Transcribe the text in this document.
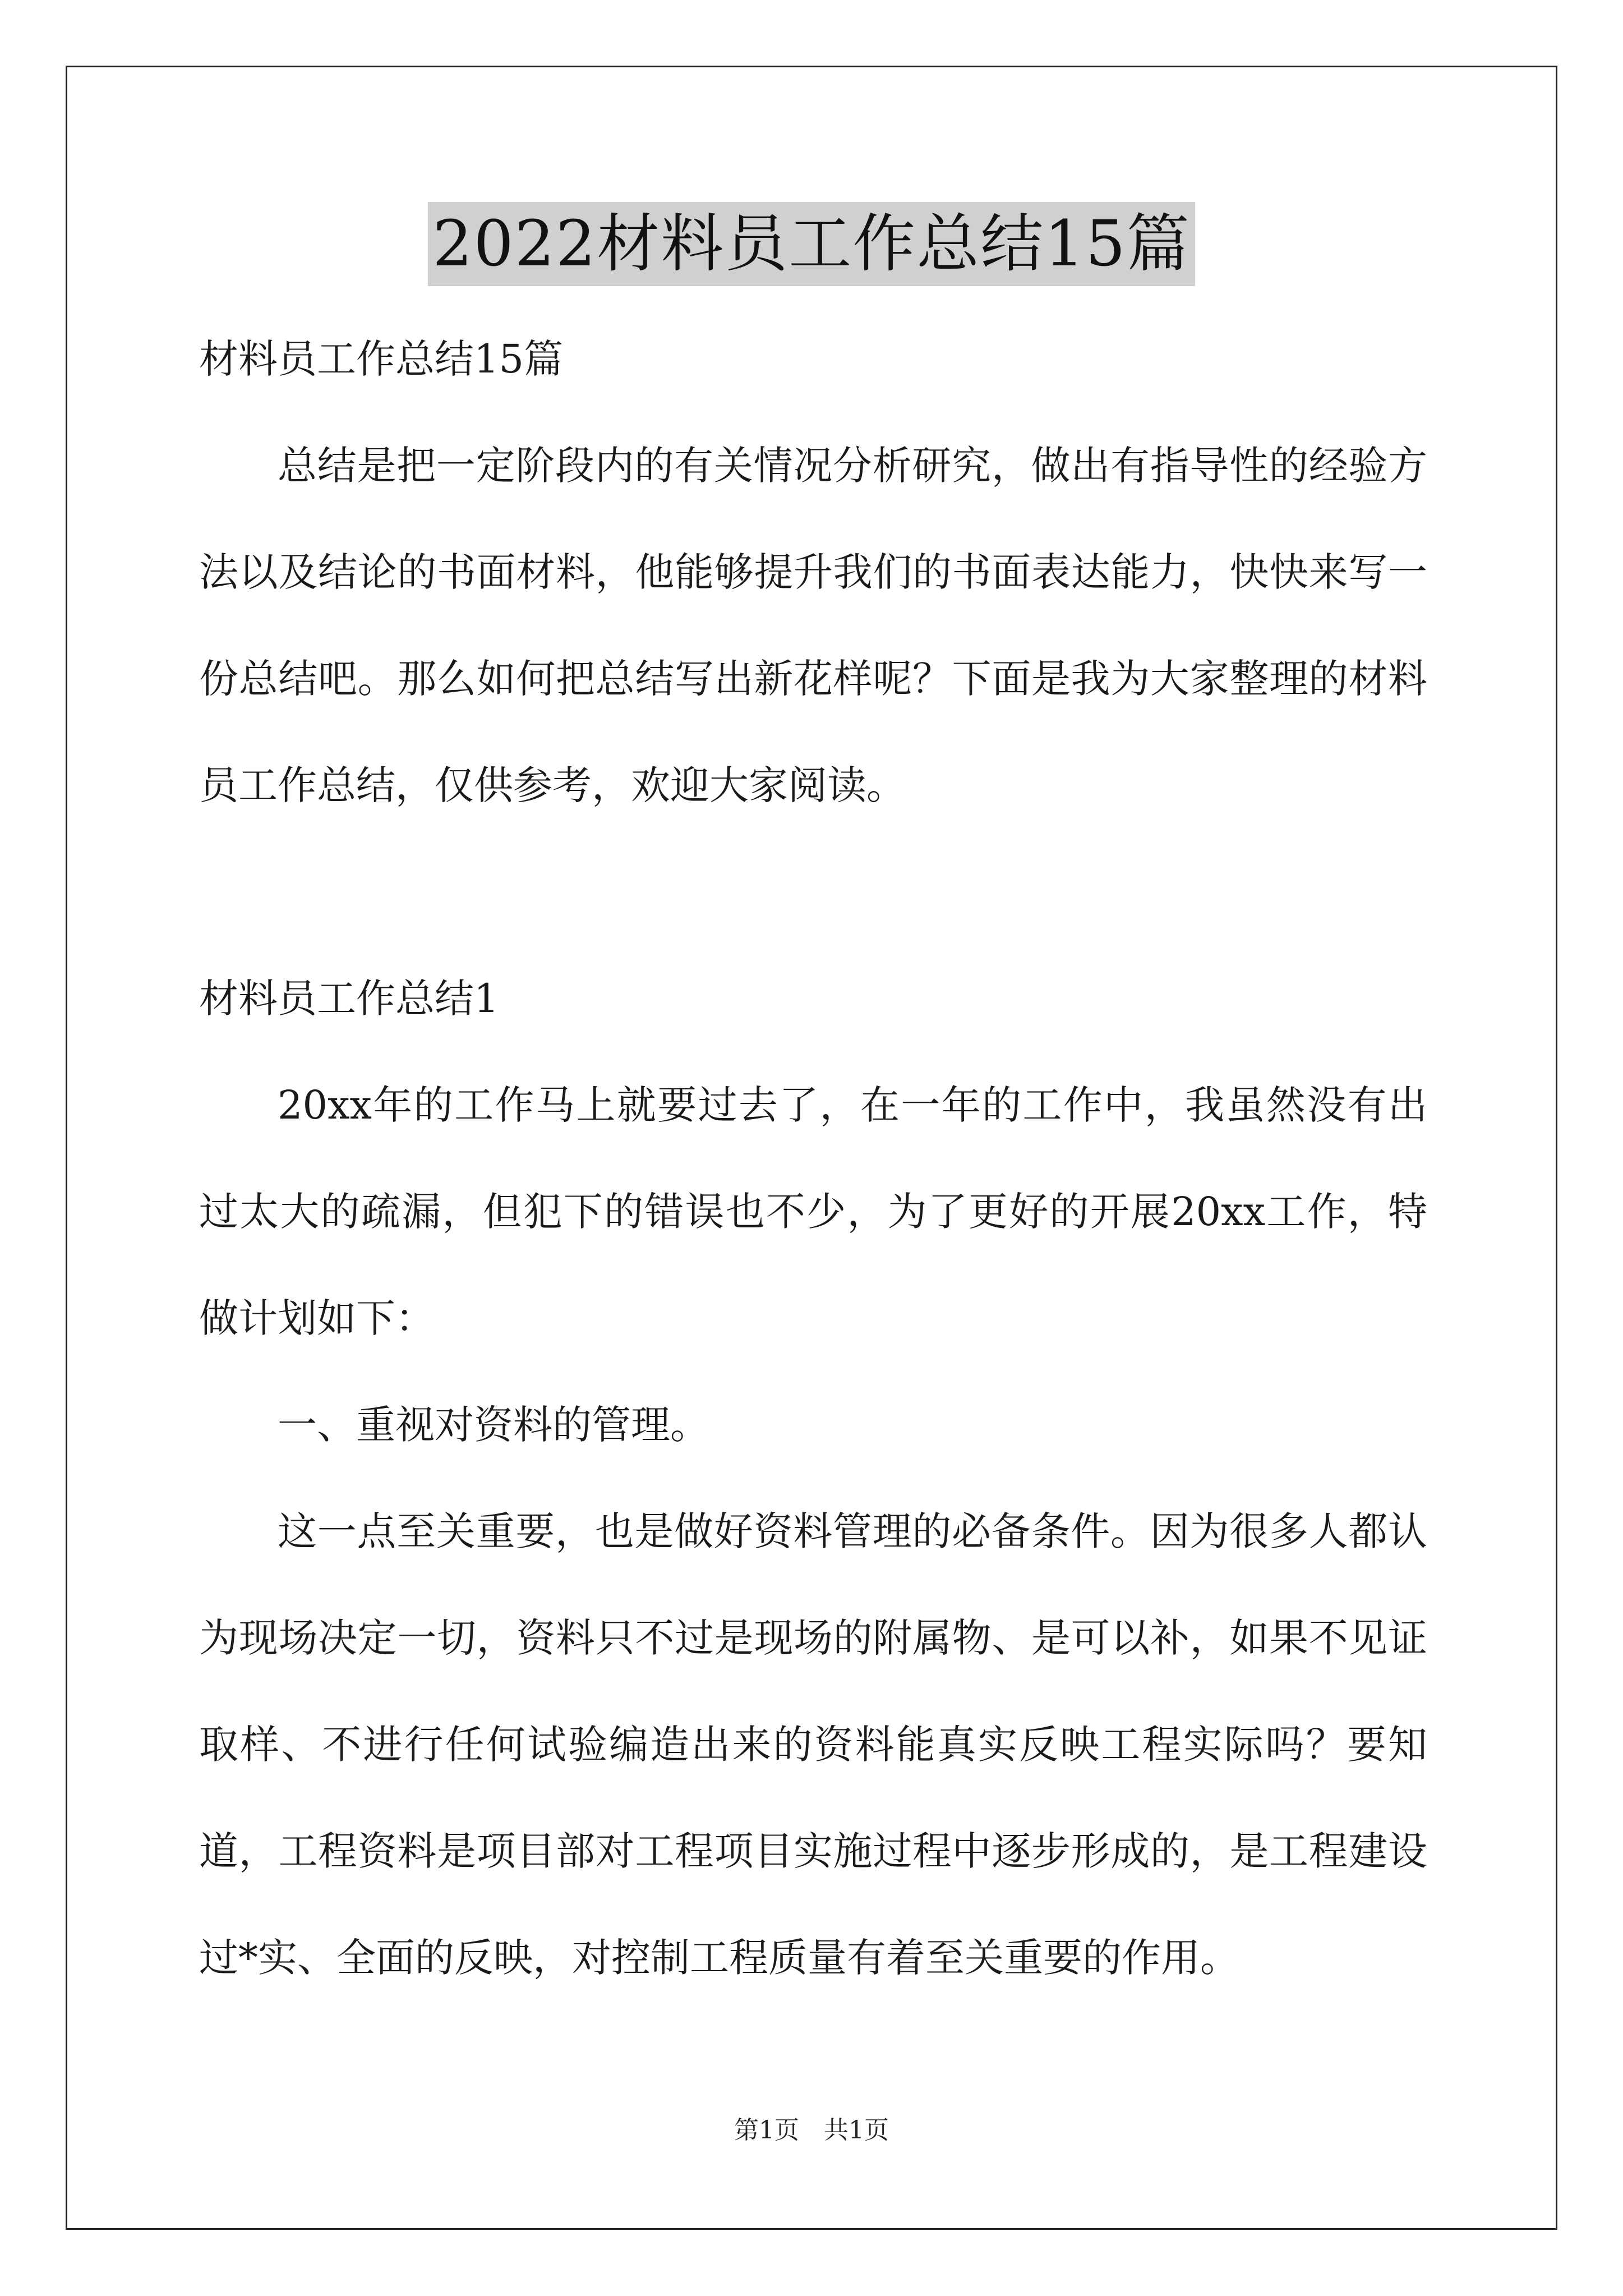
2022材料员工作总结15篇
材料员工作总结15篇

总结是把一定阶段内的有关情况分析研究，做出有指导性的经验方法以及结论的书面材料，他能够提升我们的书面表达能力，快快来写一份总结吧。那么如何把总结写出新花样呢？下面是我为大家整理的材料员工作总结，仅供参考，欢迎大家阅读。

材料员工作总结1

20xx年的工作马上就要过去了，在一年的工作中，我虽然没有出过太大的疏漏，但犯下的错误也不少，为了更好的开展20xx工作，特做计划如下：

一、重视对资料的管理。

这一点至关重要，也是做好资料管理的必备条件。因为很多人都认为现场决定一切，资料只不过是现场的附属物、是可以补，如果不见证取样、不进行任何试验编造出来的资料能真实反映工程实际吗？要知道，工程资料是项目部对工程项目实施过程中逐步形成的，是工程建设过*实、全面的反映，对控制工程质量有着至关重要的作用。

第1页　共1页
